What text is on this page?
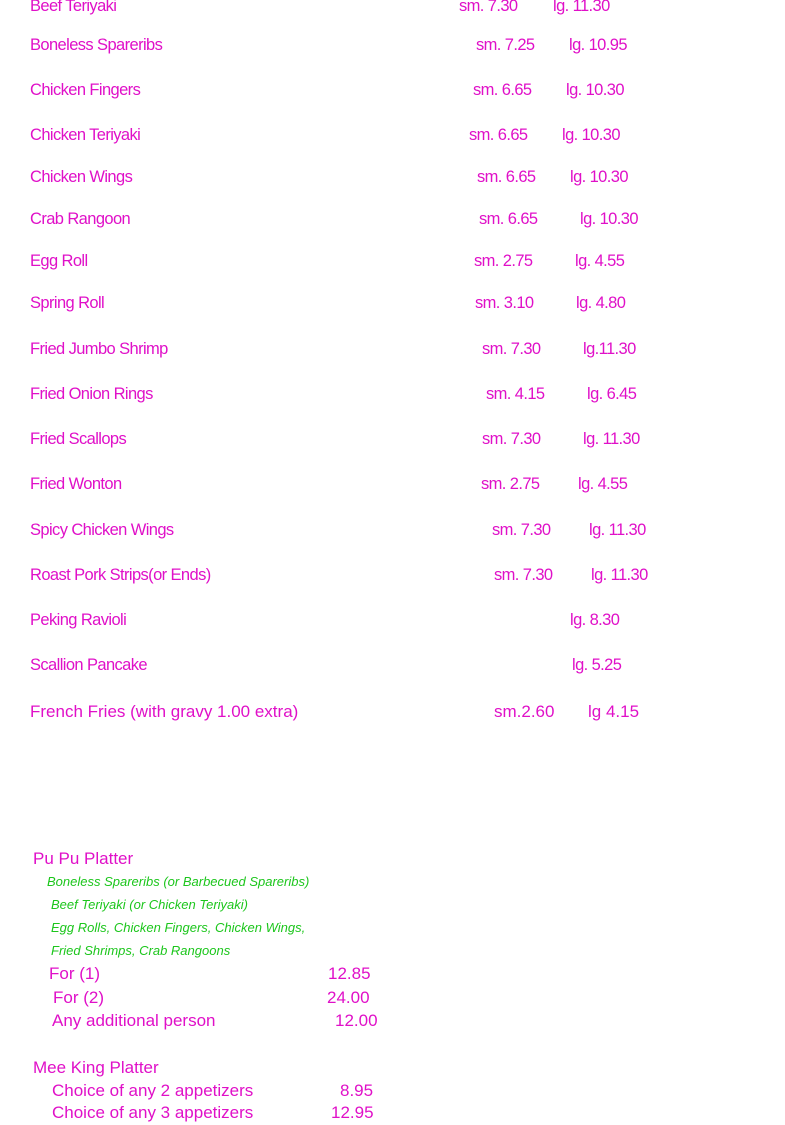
Beef Teriyaki	sm. 7.30 lg. 11.30
Boneless Spareribs	sm. 7.25 lg. 10.95
Chicken Fingers	sm. 6.65 lg. 10.30
Chicken Teriyaki	sm. 6.65 lg. 10.30
Chicken Wings	sm. 6.65 lg. 10.30
Crab Rangoon	sm. 6.65	lg. 10.30
Egg Roll	sm. 2.75	lg. 4.55
Spring Roll	sm. 3.10	lg. 4.80
Fried Jumbo Shrimp	sm. 7.30	lg.11.30
Fried Onion Rings	sm. 4.15	lg. 6.45
Fried Scallops	sm. 7.30	lg. 11.30
Fried Wonton	sm. 2.75 lg. 4.55
Spicy Chicken Wings	sm. 7.30 lg. 11.30
Roast Pork Strips(or Ends)	sm. 7.30 lg. 11.30
Peking Ravioli	lg. 8.30
Scallion Pancake	lg. 5.25
French Fries (with gravy 1.00 extra)	sm.2.60 lg 4.15
Pu Pu Platter
Boneless Spareribs (or Barbecued Spareribs)
Beef Teriyaki (or Chicken Teriyaki)
Egg Rolls, Chicken Fingers, Chicken Wings,
Fried Shrimps, Crab Rangoons
For (1)	12.85
For (2)	24.00
Any additional person	12.00
Mee King Platter
Choice of any 2 appetizers	8.95
Choice of any 3 appetizers	12.95
